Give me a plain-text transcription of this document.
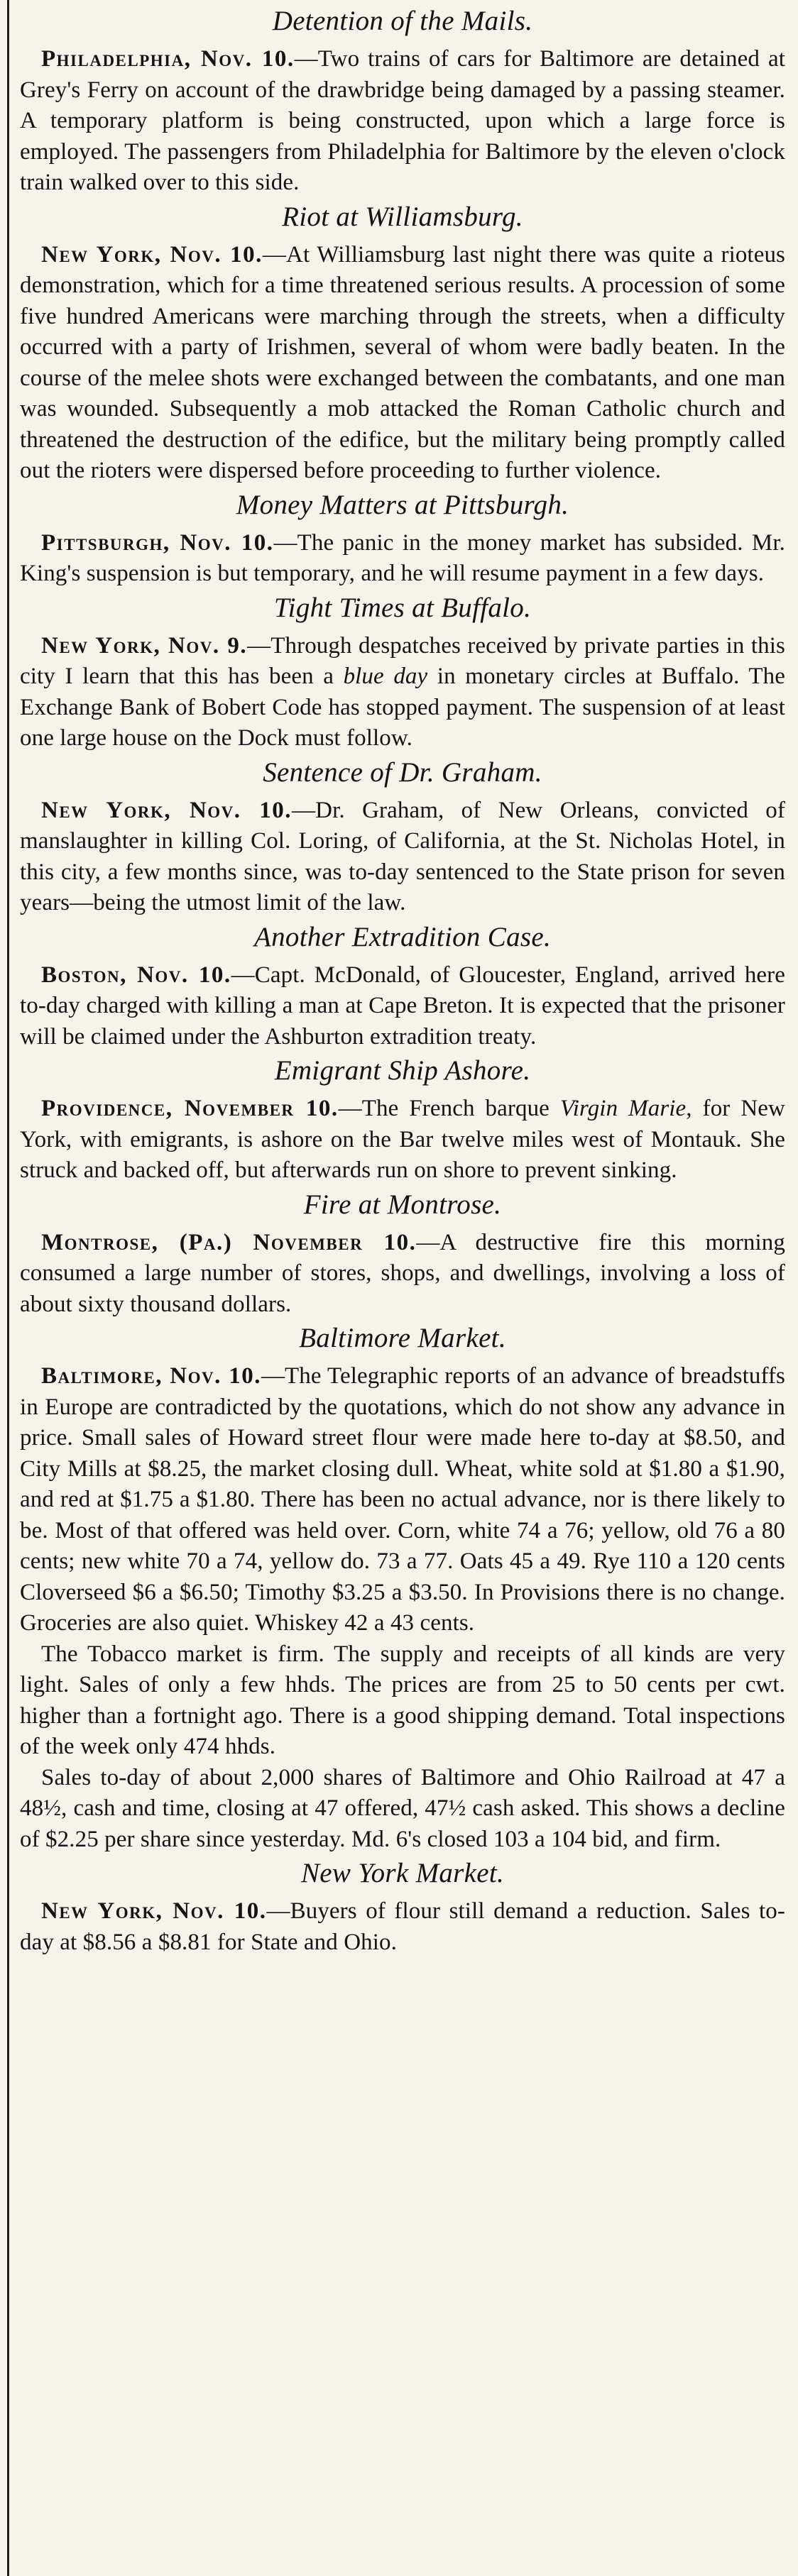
Detention of the Mails.

Philadelphia, Nov. 10.—Two trains of cars for Baltimore are detained at Grey's Ferry on account of the drawbridge being damaged by a passing steamer. A temporary platform is being constructed, upon which a large force is employed. The passengers from Philadelphia for Baltimore by the eleven o'clock train walked over to this side.

Riot at Williamsburg.

New York, Nov. 10.—At Williamsburg last night there was quite a rioteus demonstration, which for a time threatened serious results. A procession of some five hundred Americans were marching through the streets, when a difficulty occurred with a party of Irishmen, several of whom were badly beaten. In the course of the melee shots were exchanged between the combatants, and one man was wounded. Subsequently a mob attacked the Roman Catholic church and threatened the destruction of the edifice, but the military being promptly called out the rioters were dispersed before proceeding to further violence.

Money Matters at Pittsburgh.

Pittsburgh, Nov. 10.—The panic in the money market has subsided. Mr. King's suspension is but temporary, and he will resume payment in a few days.

Tight Times at Buffalo.

New York, Nov. 9.—Through despatches received by private parties in this city I learn that this has been a blue day in monetary circles at Buffalo. The Exchange Bank of Bobert Code has stopped payment. The suspension of at least one large house on the Dock must follow.

Sentence of Dr. Graham.

New York, Nov. 10.—Dr. Graham, of New Orleans, convicted of manslaughter in killing Col. Loring, of California, at the St. Nicholas Hotel, in this city, a few months since, was to-day sentenced to the State prison for seven years—being the utmost limit of the law.

Another Extradition Case.

Boston, Nov. 10.—Capt. McDonald, of Gloucester, England, arrived here to-day charged with killing a man at Cape Breton. It is expected that the prisoner will be claimed under the Ashburton extradition treaty.

Emigrant Ship Ashore.

Providence, November 10.—The French barque Virgin Marie, for New York, with emigrants, is ashore on the Bar twelve miles west of Montauk. She struck and backed off, but afterwards run on shore to prevent sinking.

Fire at Montrose.

Montrose, (Pa.) November 10.—A destructive fire this morning consumed a large number of stores, shops, and dwellings, involving a loss of about sixty thousand dollars.

Baltimore Market.

Baltimore, Nov. 10.—The Telegraphic reports of an advance of breadstuffs in Europe are contradicted by the quotations, which do not show any advance in price. Small sales of Howard street flour were made here to-day at $8.50, and City Mills at $8.25, the market closing dull. Wheat, white sold at $1.80 a $1.90, and red at $1.75 a $1.80. There has been no actual advance, nor is there likely to be. Most of that offered was held over. Corn, white 74 a 76; yellow, old 76 a 80 cents; new white 70 a 74, yellow do. 73 a 77. Oats 45 a 49. Rye 110 a 120 cents Cloverseed $6 a $6.50; Timothy $3.25 a $3.50. In Provisions there is no change. Groceries are also quiet. Whiskey 42 a 43 cents.

The Tobacco market is firm. The supply and receipts of all kinds are very light. Sales of only a few hhds. The prices are from 25 to 50 cents per cwt. higher than a fortnight ago. There is a good shipping demand. Total inspections of the week only 474 hhds.

Sales to-day of about 2,000 shares of Baltimore and Ohio Railroad at 47 a 48½, cash and time, closing at 47 offered, 47½ cash asked. This shows a decline of $2.25 per share since yesterday. Md. 6's closed 103 a 104 bid, and firm.

New York Market.

New York, Nov. 10.—Buyers of flour still demand a reduction. Sales to-day at $8.56 a $8.81 for State and Ohio.
